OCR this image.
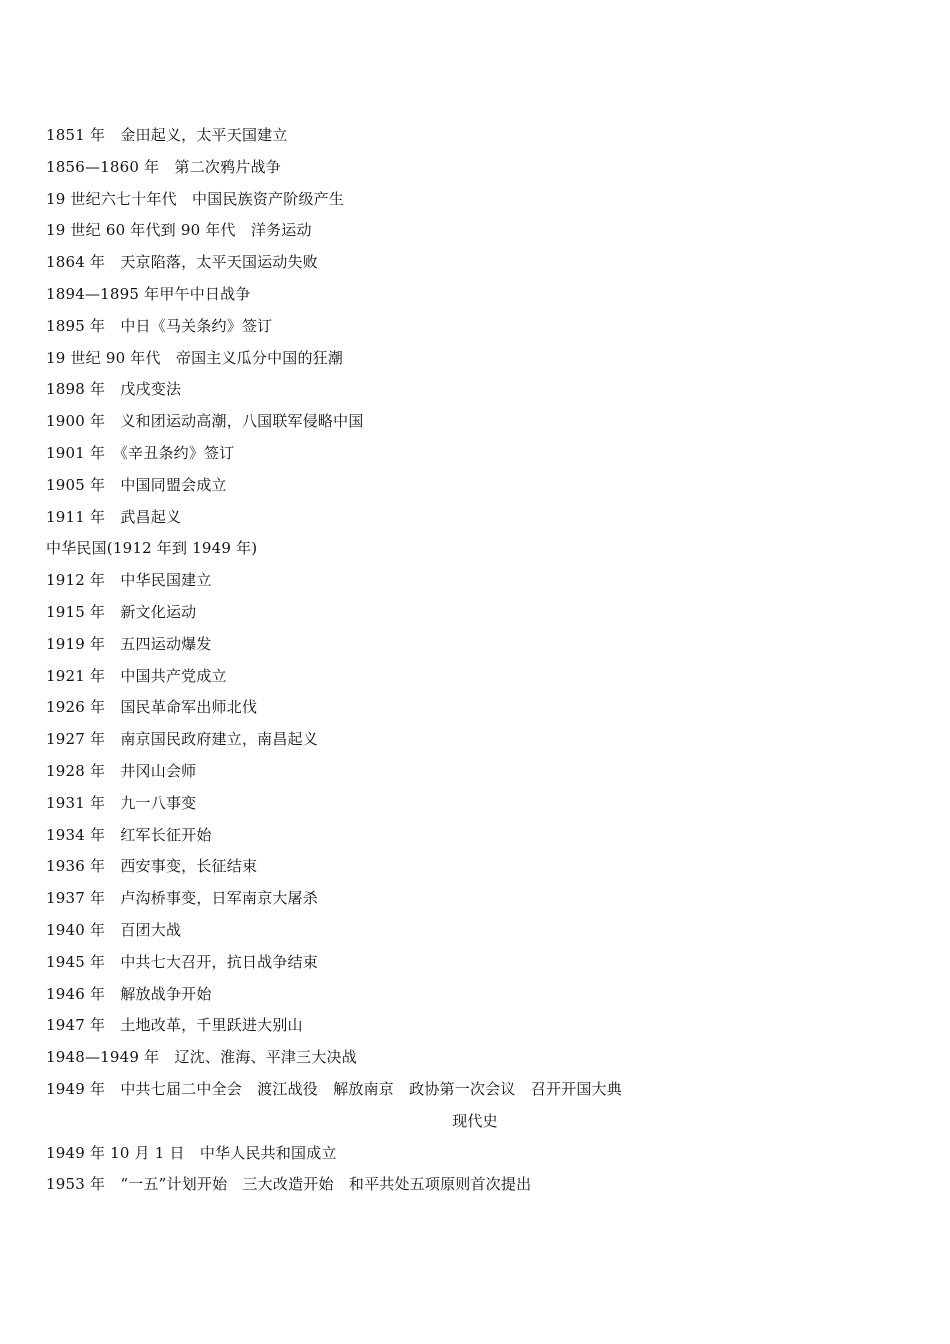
1851 年　金田起义，太平天国建立
1856—1860 年　第二次鸦片战争
19 世纪六七十年代　中国民族资产阶级产生
19 世纪 60 年代到 90 年代　洋务运动
1864 年　天京陷落，太平天国运动失败
1894—1895 年甲午中日战争
1895 年　中日《马关条约》签订
19 世纪 90 年代　帝国主义瓜分中国的狂潮
1898 年　戊戌变法
1900 年　义和团运动高潮，八国联军侵略中国
1901 年　《辛丑条约》签订
1905 年　中国同盟会成立
1911 年　武昌起义
中华民国(1912 年到 1949 年)
1912 年　中华民国建立
1915 年　新文化运动
1919 年　五四运动爆发
1921 年　中国共产党成立
1926 年　国民革命军出师北伐
1927 年　南京国民政府建立，南昌起义
1928 年　井冈山会师
1931 年　九一八事变
1934 年　红军长征开始
1936 年　西安事变，长征结束
1937 年　卢沟桥事变，日军南京大屠杀
1940 年　百团大战
1945 年　中共七大召开，抗日战争结束
1946 年　解放战争开始
1947 年　土地改革，千里跃进大别山
1948—1949 年　辽沈、淮海、平津三大决战
1949 年　中共七届二中全会　渡江战役　解放南京　政协第一次会议　召开开国大典
现代史
1949 年 10 月 1 日　中华人民共和国成立
1953 年　“一五”计划开始　三大改造开始　和平共处五项原则首次提出
